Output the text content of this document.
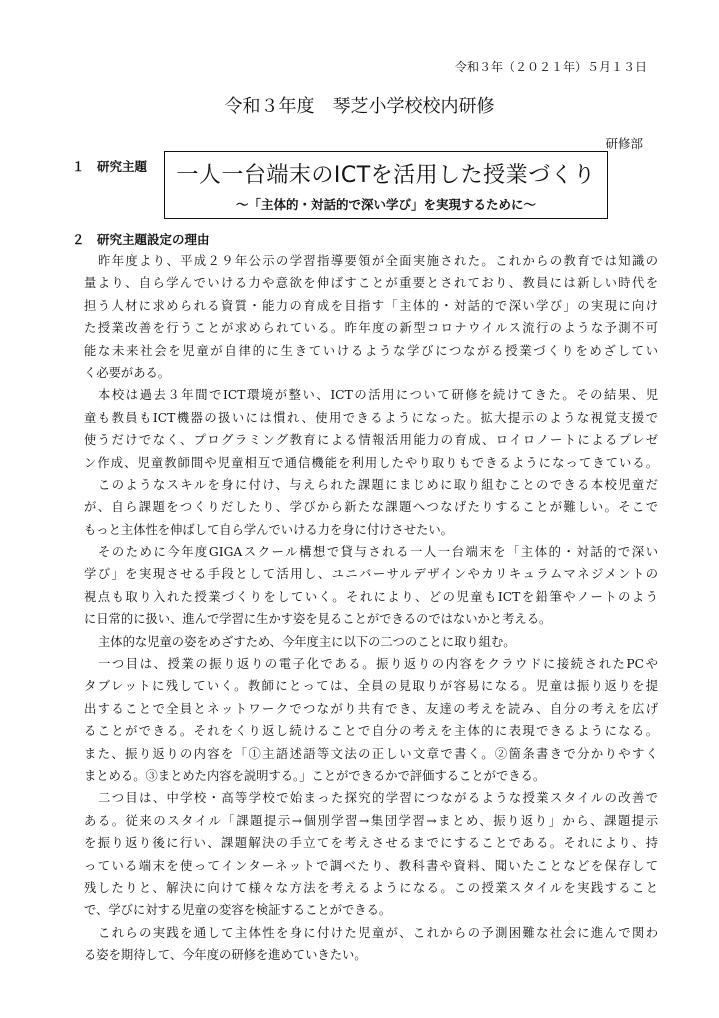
令和３年（２０２１年）５月１３日
令和３年度　琴芝小学校校内研修
研修部
１　研究主題	一人一台端末のICTを活用した授業づくり
～「主体的・対話的で深い学び」を実現するために～
２　研究主題設定の理由
昨年度より、平成２９年公示の学習指導要領が全面実施された。これからの教育では知識の
量より、自ら学んでいける力や意欲を伸ばすことが重要とされており、教員には新しい時代を
担う人材に求められる資質・能力の育成を目指す「主体的・対話的で深い学び」の実現に向け
た授業改善を行うことが求められている。昨年度の新型コロナウイルス流行のような予測不可
能な未来社会を児童が自律的に生きていけるような学びにつながる授業づくりをめざしてい
く必要がある。
本校は過去３年間でICT環境が整い、ICTの活用について研修を続けてきた。その結果、児
童も教員もICT機器の扱いには慣れ、使用できるようになった。拡大提示のような視覚支援で
使うだけでなく、プログラミング教育による情報活用能力の育成、ロイロノートによるプレゼ
ン作成、児童教師間や児童相互で通信機能を利用したやり取りもできるようになってきている。
このようなスキルを身に付け、与えられた課題にまじめに取り組むことのできる本校児童だ
が、自ら課題をつくりだしたり、学びから新たな課題へつなげたりすることが難しい。そこで
もっと主体性を伸ばして自ら学んでいける力を身に付けさせたい。
そのために今年度GIGAスクール構想で貸与される一人一台端末を「主体的・対話的で深い
学び」を実現させる手段として活用し、ユニバーサルデザインやカリキュラムマネジメントの
視点も取り入れた授業づくりをしていく。それにより、どの児童もICTを鉛筆やノートのよう
に日常的に扱い、進んで学習に生かす姿を見ることができるのではないかと考える。
主体的な児童の姿をめざすため、今年度主に以下の二つのことに取り組む。
一つ目は、授業の振り返りの電子化である。振り返りの内容をクラウドに接続されたPCや
タブレットに残していく。教師にとっては、全員の見取りが容易になる。児童は振り返りを提
出することで全員とネットワークでつながり共有でき、友達の考えを読み、自分の考えを広げ
ることができる。それをくり返し続けることで自分の考えを主体的に表現できるようになる。
また、振り返りの内容を「①主語述語等文法の正しい文章で書く。②箇条書きで分かりやすく
まとめる。③まとめた内容を説明する。」ことができるかで評価することができる。
二つ目は、中学校・高等学校で始まった探究的学習につながるような授業スタイルの改善で
ある。従来のスタイル「課題提示→個別学習→集団学習→まとめ、振り返り」から、課題提示
を振り返り後に行い、課題解決の手立てを考えさせるまでにすることである。それにより、持
っている端末を使ってインターネットで調べたり、教科書や資料、聞いたことなどを保存して
残したりと、解決に向けて様々な方法を考えるようになる。この授業スタイルを実践すること
で、学びに対する児童の変容を検証することができる。
これらの実践を通して主体性を身に付けた児童が、これからの予測困難な社会に進んで関わ
る姿を期待して、今年度の研修を進めていきたい。
